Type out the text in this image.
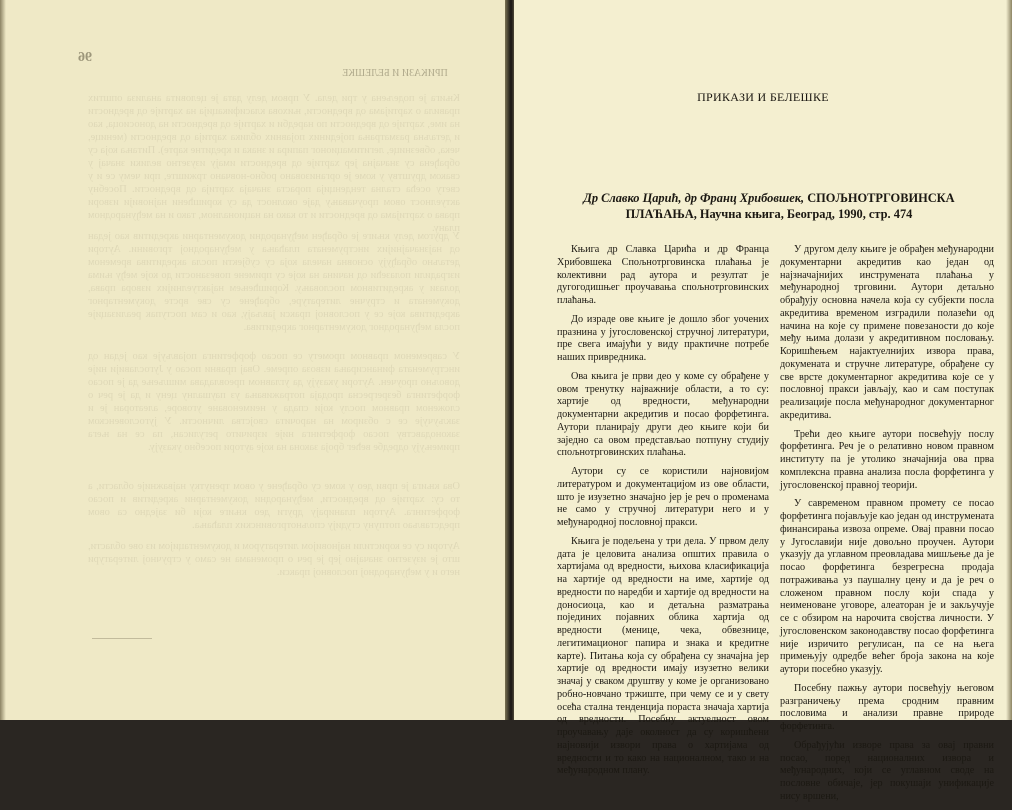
96
ПРИКАЗИ И БЕЛЕШКЕ
Књига је подељена у три дела. У првом делу дата је целовита анализа општих правила о хартијама од вредности, њихова класификација на хартије од вредности на име, хартије од вредности по наредби и хартије од вредности на доносиоца, као и детаљна разматрања појединих појавних облика хартија од вредности (менице, чека, обвезнице, легитимационог папира и знака и кредитне карте). Питања која су обрађена су значајна јер хартије од вредности имају изузетно велики значај у сваком друштву у коме је организовано робно-новчано тржиште, при чему се и у свету осећа стална тенденција пораста значаја хартија од вредности. Посебну актуелност овом проучавању даје околност да су коришћени најновији извори права о хартијама од вредности и то како на националном, тако и на међународном плану.
У другом делу књиге је обрађен међународни документарни акредитив као један од најзначајнијих инструмената плаћања у међународној трговини. Аутори детаљно обрађују основна начела која су субјекти посла акредитива временом изградили полазећи од начина на које су примене повезаности до које међу њима долази у акредитивном пословању. Коришћењем најактуелнијих извора права, докумената и стручне литературе, обрађене су све врсте документарног акредитива које се у пословној пракси јављају, као и сам поступак реализације посла међународног документарног акредитива.
У савременом правном промету се посао форфетинга појављује као један од инструмената финансирања извоза опреме. Овај правни посао у Југославији није довољно проучен. Аутори указују да углавном преовладава мишљење да је посао форфетинга безрегресна продаја потраживања уз паушалну цену и да је реч о сложеном правном послу који спада у неименоване уговоре, алеаторан је и закључује се с обзиром на нарочита својства личности. У југословенском законодавству посао форфетинга није изричито регулисан, па се на њега примењују одредбе већег броја закона на које аутори посебно указују.
Ова књига је први део у коме су обрађене у овом тренутку најважније области, а то су: хартије од вредности, међународни документарни акредитив и посао форфетинга. Аутори планирају други део књиге који би заједно са овом представљао потпуну студију спољнотрговинских плаћања.
Аутори су се користили најновијом литературом и документацијом из ове области, што је изузетно значајно јер је реч о променама не само у стручној литератури него и у међународној пословној пракси.
ПРИКАЗИ И БЕЛЕШКЕ
Др Славко Царић, др Франц Хрибовшек, СПОЉНОТРГОВИНСКА ПЛАЋАЊА, Научна књига, Београд, 1990, стр. 474

Књига др Славка Царића и др Франца Хрибовшека Спољнотрговинска плаћања је колективни рад аутора и резултат је дугогодишњег проучавања спољнотрговинских плаћања.

До израде ове књиге је дошло због уочених празнина у југословенској стручној литератури, пре свега имајући у виду практичне потребе наших привредника.

Ова књига је први део у коме су обрађене у овом тренутку најважније области, а то су: хартије од вредности, међународни документарни акредитив и посао форфетинга. Аутори планирају други део књиге који би заједно са овом представљао потпуну студију спољнотрговинских плаћања.

Аутори су се користили најновијом литературом и документацијом из ове области, што је изузетно значајно јер је реч о променама не само у стручној литератури него и у међународној пословној пракси.

Књига је подељена у три дела. У првом делу дата је целовита анализа општих правила о хартијама од вредности, њихова класификација на хартије од вредности на име, хартије од вредности по наредби и хартије од вредности на доносиоца, као и детаљна разматрања појединих појавних облика хартија од вредности (менице, чека, обвезнице, легитимационог папира и знака и кредитне карте). Питања која су обрађена су значајна јер хартије од вредности имају изузетно велики значај у сваком друштву у коме је организовано робно-новчано тржиште, при чему се и у свету осећа стална тенденција пораста значаја хартија од вредности. Посебну актуелност овом проучавању даје околност да су коришћени најновији извори права о хартијама од вредности и то како на националном, тако и на међународном плану.

У другом делу књиге је обрађен међународни документарни акредитив као један од најзначајнијих инструмената плаћања у међународној трговини. Аутори детаљно обрађују основна начела која су субјекти посла акредитива временом изградили полазећи од начина на које су примене повезаности до које међу њима долази у акредитивном пословању. Коришћењем најактуелнијих извора права, докумената и стручне литературе, обрађене су све врсте документарног акредитива које се у пословној пракси јављају, као и сам поступак реализације посла међународног документарног акредитива.

Трећи део књиге аутори посвећују послу форфетинга. Реч је о релативно новом правном институту па је утолико значајнија ова прва комплексна правна анализа посла форфетинга у југословенској правној теорији.

У савременом правном промету се посао форфетинга појављује као један од инструмената финансирања извоза опреме. Овај правни посао у Југославији није довољно проучен. Аутори указују да углавном преовладава мишљење да је посао форфетинга безрегресна продаја потраживања уз паушалну цену и да је реч о сложеном правном послу који спада у неименоване уговоре, алеаторан је и закључује се с обзиром на нарочита својства личности. У југословенском законодавству посао форфетинга није изричито регулисан, па се на њега примењују одредбе већег броја закона на које аутори посебно указују.

Посебну пажњу аутори посвећују његовом разграничењу према сродним правним пословима и анализи правне природе форфетинга.

Обрађујући изворе права за овај правни посао, поред националних извора и међународних, који се углавном своде на пословне обичаје, јер покушаји унификације нису вршени,
